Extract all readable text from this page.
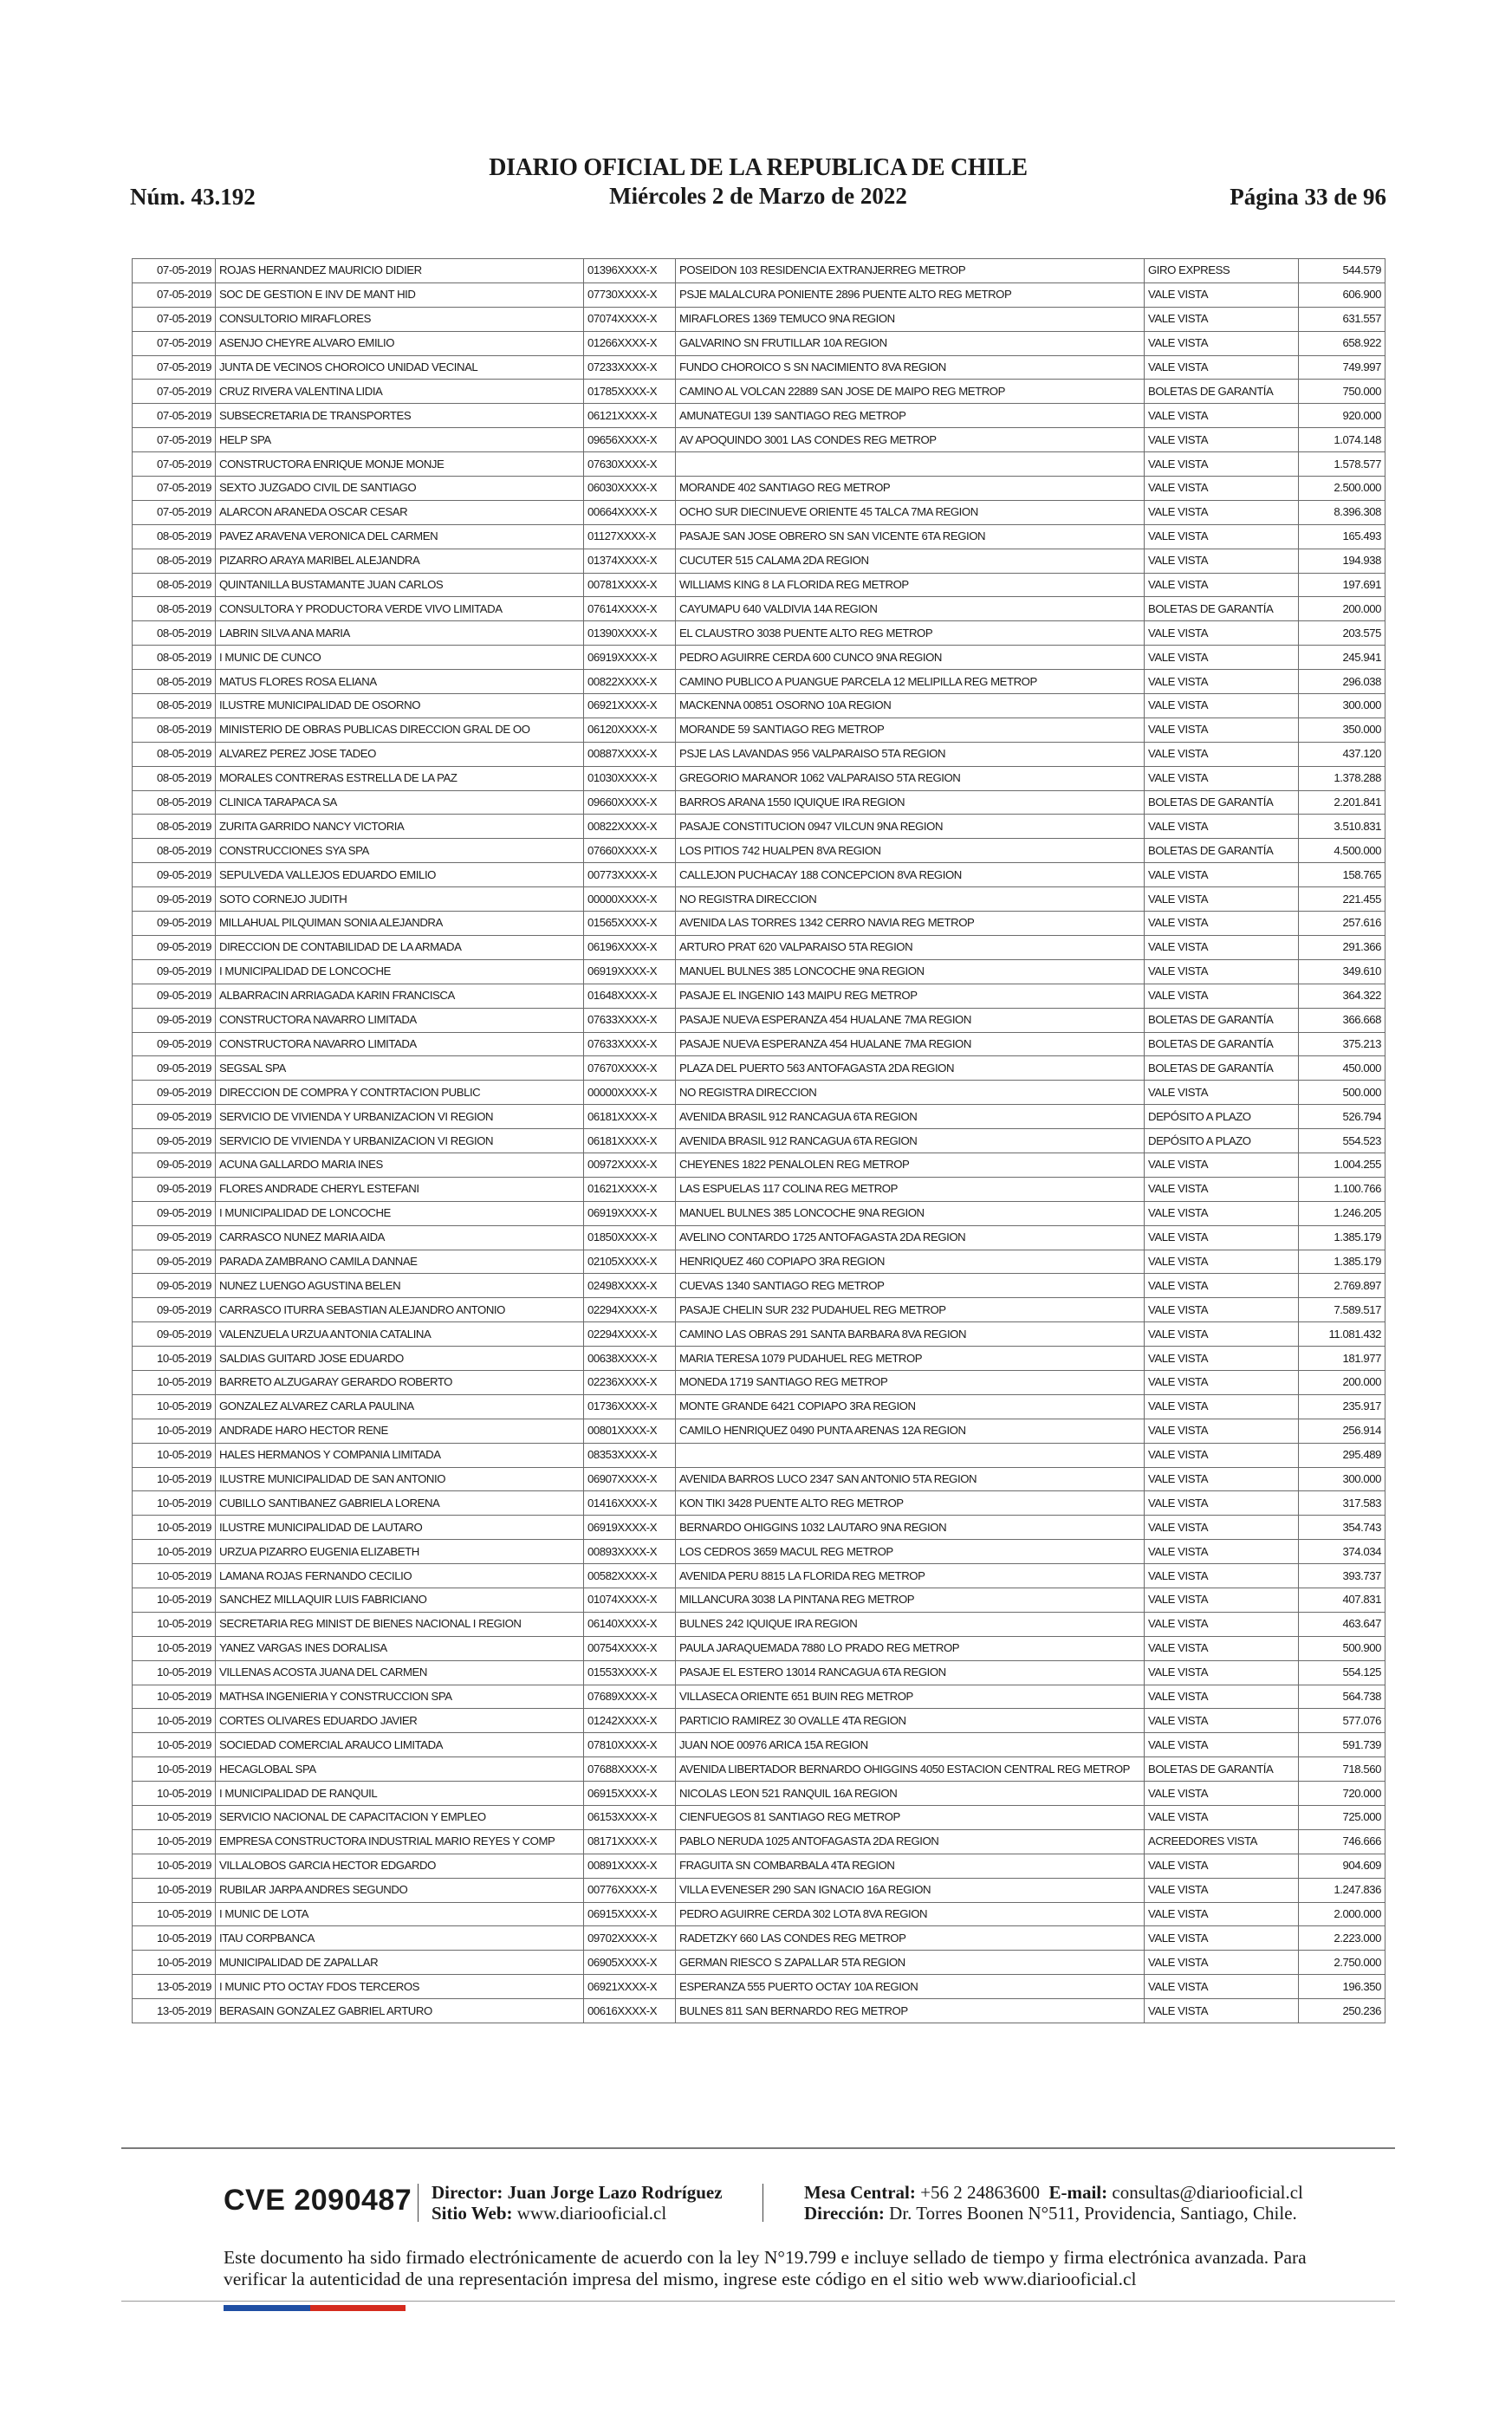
Núm. 43.192
DIARIO OFICIAL DE LA REPUBLICA DE CHILE
Miércoles 2 de Marzo de 2022	Página 33 de 96
07-05-2019	ROJAS HERNANDEZ MAURICIO DIDIER	01396XXXX-X	POSEIDON 103 RESIDENCIA EXTRANJERREG METROP	GIRO EXPRESS	544.579
07-05-2019	SOC DE GESTION E INV DE MANT HID	07730XXXX-X	PSJE MALALCURA PONIENTE 2896 PUENTE ALTO REG METROP	VALE VISTA	606.900
07-05-2019	CONSULTORIO MIRAFLORES	07074XXXX-X	MIRAFLORES 1369 TEMUCO 9NA REGION	VALE VISTA	631.557
07-05-2019	ASENJO CHEYRE ALVARO EMILIO	01266XXXX-X	GALVARINO SN FRUTILLAR 10A REGION	VALE VISTA	658.922
07-05-2019	JUNTA DE VECINOS CHOROICO UNIDAD VECINAL	07233XXXX-X	FUNDO CHOROICO S SN NACIMIENTO 8VA REGION	VALE VISTA	749.997
07-05-2019	CRUZ RIVERA VALENTINA LIDIA	01785XXXX-X	CAMINO AL VOLCAN 22889 SAN JOSE DE MAIPO REG METROP	BOLETAS DE GARANTÍA	750.000
07-05-2019	SUBSECRETARIA DE TRANSPORTES	06121XXXX-X	AMUNATEGUI 139 SANTIAGO REG METROP	VALE VISTA	920.000
07-05-2019	HELP SPA	09656XXXX-X	AV APOQUINDO 3001 LAS CONDES REG METROP	VALE VISTA	1.074.148
07-05-2019	CONSTRUCTORA ENRIQUE MONJE MONJE	07630XXXX-X		VALE VISTA	1.578.577
07-05-2019	SEXTO JUZGADO CIVIL DE SANTIAGO	06030XXXX-X	MORANDE 402 SANTIAGO REG METROP	VALE VISTA	2.500.000
07-05-2019	ALARCON ARANEDA OSCAR CESAR	00664XXXX-X	OCHO SUR DIECINUEVE ORIENTE 45 TALCA 7MA REGION	VALE VISTA	8.396.308
08-05-2019	PAVEZ ARAVENA VERONICA DEL CARMEN	01127XXXX-X	PASAJE SAN JOSE OBRERO SN SAN VICENTE 6TA REGION	VALE VISTA	165.493
08-05-2019	PIZARRO ARAYA MARIBEL ALEJANDRA	01374XXXX-X	CUCUTER 515 CALAMA 2DA REGION	VALE VISTA	194.938
08-05-2019	QUINTANILLA BUSTAMANTE JUAN CARLOS	00781XXXX-X	WILLIAMS KING 8 LA FLORIDA REG METROP	VALE VISTA	197.691
08-05-2019	CONSULTORA Y PRODUCTORA VERDE VIVO LIMITADA	07614XXXX-X	CAYUMAPU 640 VALDIVIA 14A REGION	BOLETAS DE GARANTÍA	200.000
08-05-2019	LABRIN SILVA ANA MARIA	01390XXXX-X	EL CLAUSTRO 3038 PUENTE ALTO REG METROP	VALE VISTA	203.575
08-05-2019	I MUNIC DE CUNCO	06919XXXX-X	PEDRO AGUIRRE CERDA 600 CUNCO 9NA REGION	VALE VISTA	245.941
08-05-2019	MATUS FLORES ROSA ELIANA	00822XXXX-X	CAMINO PUBLICO A PUANGUE PARCELA 12 MELIPILLA REG METROP	VALE VISTA	296.038
08-05-2019	ILUSTRE MUNICIPALIDAD DE OSORNO	06921XXXX-X	MACKENNA 00851 OSORNO 10A REGION	VALE VISTA	300.000
08-05-2019	MINISTERIO DE OBRAS PUBLICAS DIRECCION GRAL DE OO	06120XXXX-X	MORANDE 59 SANTIAGO REG METROP	VALE VISTA	350.000
08-05-2019	ALVAREZ PEREZ JOSE TADEO	00887XXXX-X	PSJE LAS LAVANDAS 956 VALPARAISO 5TA REGION	VALE VISTA	437.120
08-05-2019	MORALES CONTRERAS ESTRELLA DE LA PAZ	01030XXXX-X	GREGORIO MARANOR 1062 VALPARAISO 5TA REGION	VALE VISTA	1.378.288
08-05-2019	CLINICA TARAPACA SA	09660XXXX-X	BARROS ARANA 1550 IQUIQUE IRA REGION	BOLETAS DE GARANTÍA	2.201.841
08-05-2019	ZURITA GARRIDO NANCY VICTORIA	00822XXXX-X	PASAJE CONSTITUCION 0947 VILCUN 9NA REGION	VALE VISTA	3.510.831
08-05-2019	CONSTRUCCIONES SYA SPA	07660XXXX-X	LOS PITIOS 742 HUALPEN 8VA REGION	BOLETAS DE GARANTÍA	4.500.000
09-05-2019	SEPULVEDA VALLEJOS EDUARDO EMILIO	00773XXXX-X	CALLEJON PUCHACAY 188 CONCEPCION 8VA REGION	VALE VISTA	158.765
09-05-2019	SOTO CORNEJO JUDITH	00000XXXX-X	NO REGISTRA DIRECCION	VALE VISTA	221.455
09-05-2019	MILLAHUAL PILQUIMAN SONIA ALEJANDRA	01565XXXX-X	AVENIDA LAS TORRES 1342 CERRO NAVIA REG METROP	VALE VISTA	257.616
09-05-2019	DIRECCION DE CONTABILIDAD DE LA ARMADA	06196XXXX-X	ARTURO PRAT 620 VALPARAISO 5TA REGION	VALE VISTA	291.366
09-05-2019	I MUNICIPALIDAD DE LONCOCHE	06919XXXX-X	MANUEL BULNES 385 LONCOCHE 9NA REGION	VALE VISTA	349.610
09-05-2019	ALBARRACIN ARRIAGADA KARIN FRANCISCA	01648XXXX-X	PASAJE EL INGENIO 143 MAIPU REG METROP	VALE VISTA	364.322
09-05-2019	CONSTRUCTORA NAVARRO LIMITADA	07633XXXX-X	PASAJE NUEVA ESPERANZA 454 HUALANE 7MA REGION	BOLETAS DE GARANTÍA	366.668
09-05-2019	CONSTRUCTORA NAVARRO LIMITADA	07633XXXX-X	PASAJE NUEVA ESPERANZA 454 HUALANE 7MA REGION	BOLETAS DE GARANTÍA	375.213
09-05-2019	SEGSAL SPA	07670XXXX-X	PLAZA DEL PUERTO 563 ANTOFAGASTA 2DA REGION	BOLETAS DE GARANTÍA	450.000
09-05-2019	DIRECCION DE COMPRA Y CONTRTACION PUBLIC	00000XXXX-X	NO REGISTRA DIRECCION	VALE VISTA	500.000
09-05-2019	SERVICIO DE VIVIENDA Y URBANIZACION VI REGION	06181XXXX-X	AVENIDA BRASIL 912 RANCAGUA 6TA REGION	DEPÓSITO A PLAZO	526.794
09-05-2019	SERVICIO DE VIVIENDA Y URBANIZACION VI REGION	06181XXXX-X	AVENIDA BRASIL 912 RANCAGUA 6TA REGION	DEPÓSITO A PLAZO	554.523
09-05-2019	ACUNA GALLARDO MARIA INES	00972XXXX-X	CHEYENES 1822 PENALOLEN REG METROP	VALE VISTA	1.004.255
09-05-2019	FLORES ANDRADE CHERYL ESTEFANI	01621XXXX-X	LAS ESPUELAS 117 COLINA REG METROP	VALE VISTA	1.100.766
09-05-2019	I MUNICIPALIDAD DE LONCOCHE	06919XXXX-X	MANUEL BULNES 385 LONCOCHE 9NA REGION	VALE VISTA	1.246.205
09-05-2019	CARRASCO NUNEZ MARIA AIDA	01850XXXX-X	AVELINO CONTARDO 1725 ANTOFAGASTA 2DA REGION	VALE VISTA	1.385.179
09-05-2019	PARADA ZAMBRANO CAMILA DANNAE	02105XXXX-X	HENRIQUEZ 460 COPIAPO 3RA REGION	VALE VISTA	1.385.179
09-05-2019	NUNEZ LUENGO AGUSTINA BELEN	02498XXXX-X	CUEVAS 1340 SANTIAGO REG METROP	VALE VISTA	2.769.897
09-05-2019	CARRASCO ITURRA SEBASTIAN ALEJANDRO ANTONIO	02294XXXX-X	PASAJE CHELIN SUR 232 PUDAHUEL REG METROP	VALE VISTA	7.589.517
09-05-2019	VALENZUELA URZUA ANTONIA CATALINA	02294XXXX-X	CAMINO LAS OBRAS 291 SANTA BARBARA 8VA REGION	VALE VISTA	11.081.432
10-05-2019	SALDIAS GUITARD JOSE EDUARDO	00638XXXX-X	MARIA TERESA 1079 PUDAHUEL REG METROP	VALE VISTA	181.977
10-05-2019	BARRETO ALZUGARAY GERARDO ROBERTO	02236XXXX-X	MONEDA 1719 SANTIAGO REG METROP	VALE VISTA	200.000
10-05-2019	GONZALEZ ALVAREZ CARLA PAULINA	01736XXXX-X	MONTE GRANDE 6421 COPIAPO 3RA REGION	VALE VISTA	235.917
10-05-2019	ANDRADE HARO HECTOR RENE	00801XXXX-X	CAMILO HENRIQUEZ 0490 PUNTA ARENAS 12A REGION	VALE VISTA	256.914
10-05-2019	HALES HERMANOS Y COMPANIA LIMITADA	08353XXXX-X		VALE VISTA	295.489
10-05-2019	ILUSTRE MUNICIPALIDAD DE SAN ANTONIO	06907XXXX-X	AVENIDA BARROS LUCO 2347 SAN ANTONIO 5TA REGION	VALE VISTA	300.000
10-05-2019	CUBILLO SANTIBANEZ GABRIELA LORENA	01416XXXX-X	KON TIKI 3428 PUENTE ALTO REG METROP	VALE VISTA	317.583
10-05-2019	ILUSTRE MUNICIPALIDAD DE LAUTARO	06919XXXX-X	BERNARDO OHIGGINS 1032 LAUTARO 9NA REGION	VALE VISTA	354.743
10-05-2019	URZUA PIZARRO EUGENIA ELIZABETH	00893XXXX-X	LOS CEDROS 3659 MACUL REG METROP	VALE VISTA	374.034
10-05-2019	LAMANA ROJAS FERNANDO CECILIO	00582XXXX-X	AVENIDA PERU 8815 LA FLORIDA REG METROP	VALE VISTA	393.737
10-05-2019	SANCHEZ MILLAQUIR LUIS FABRICIANO	01074XXXX-X	MILLANCURA 3038 LA PINTANA REG METROP	VALE VISTA	407.831
10-05-2019	SECRETARIA REG MINIST DE BIENES NACIONAL I REGION	06140XXXX-X	BULNES 242 IQUIQUE IRA REGION	VALE VISTA	463.647
10-05-2019	YANEZ VARGAS INES DORALISA	00754XXXX-X	PAULA JARAQUEMADA 7880 LO PRADO REG METROP	VALE VISTA	500.900
10-05-2019	VILLENAS ACOSTA JUANA DEL CARMEN	01553XXXX-X	PASAJE EL ESTERO 13014 RANCAGUA 6TA REGION	VALE VISTA	554.125
10-05-2019	MATHSA INGENIERIA Y CONSTRUCCION SPA	07689XXXX-X	VILLASECA ORIENTE 651 BUIN REG METROP	VALE VISTA	564.738
10-05-2019	CORTES OLIVARES EDUARDO JAVIER	01242XXXX-X	PARTICIO RAMIREZ 30 OVALLE 4TA REGION	VALE VISTA	577.076
10-05-2019	SOCIEDAD COMERCIAL ARAUCO LIMITADA	07810XXXX-X	JUAN NOE 00976 ARICA 15A REGION	VALE VISTA	591.739
10-05-2019	HECAGLOBAL SPA	07688XXXX-X	AVENIDA LIBERTADOR BERNARDO OHIGGINS 4050 ESTACION CENTRAL REG METROP	BOLETAS DE GARANTÍA	718.560
10-05-2019	I MUNICIPALIDAD DE RANQUIL	06915XXXX-X	NICOLAS LEON 521 RANQUIL 16A REGION	VALE VISTA	720.000
10-05-2019	SERVICIO NACIONAL DE CAPACITACION Y EMPLEO	06153XXXX-X	CIENFUEGOS 81 SANTIAGO REG METROP	VALE VISTA	725.000
10-05-2019	EMPRESA CONSTRUCTORA INDUSTRIAL MARIO REYES Y COMP	08171XXXX-X	PABLO NERUDA 1025 ANTOFAGASTA 2DA REGION	ACREEDORES VISTA	746.666
10-05-2019	VILLALOBOS GARCIA HECTOR EDGARDO	00891XXXX-X	FRAGUITA SN COMBARBALA 4TA REGION	VALE VISTA	904.609
10-05-2019	RUBILAR JARPA ANDRES SEGUNDO	00776XXXX-X	VILLA EVENESER 290 SAN IGNACIO 16A REGION	VALE VISTA	1.247.836
10-05-2019	I MUNIC DE LOTA	06915XXXX-X	PEDRO AGUIRRE CERDA 302 LOTA 8VA REGION	VALE VISTA	2.000.000
10-05-2019	ITAU CORPBANCA	09702XXXX-X	RADETZKY 660 LAS CONDES REG METROP	VALE VISTA	2.223.000
10-05-2019	MUNICIPALIDAD DE ZAPALLAR	06905XXXX-X	GERMAN RIESCO S ZAPALLAR 5TA REGION	VALE VISTA	2.750.000
13-05-2019	I MUNIC PTO OCTAY FDOS TERCEROS	06921XXXX-X	ESPERANZA 555 PUERTO OCTAY 10A REGION	VALE VISTA	196.350
13-05-2019	BERASAIN GONZALEZ GABRIEL ARTURO	00616XXXX-X	BULNES 811 SAN BERNARDO REG METROP	VALE VISTA	250.236
CVE 2090487 Director: Juan Jorge Lazo Rodríguez
Sitio Web: www.diariooficial.cl
Mesa Central: +56 2 24863600 E-mail: consultas@diariooficial.cl
Dirección: Dr. Torres Boonen N°511, Providencia, Santiago, Chile.
Este documento ha sido firmado electrónicamente de acuerdo con la ley N°19.799 e incluye sellado de tiempo y firma electrónica avanzada. Para verificar la autenticidad de una representación impresa del mismo, ingrese este código en el sitio web www.diariooficial.cl
